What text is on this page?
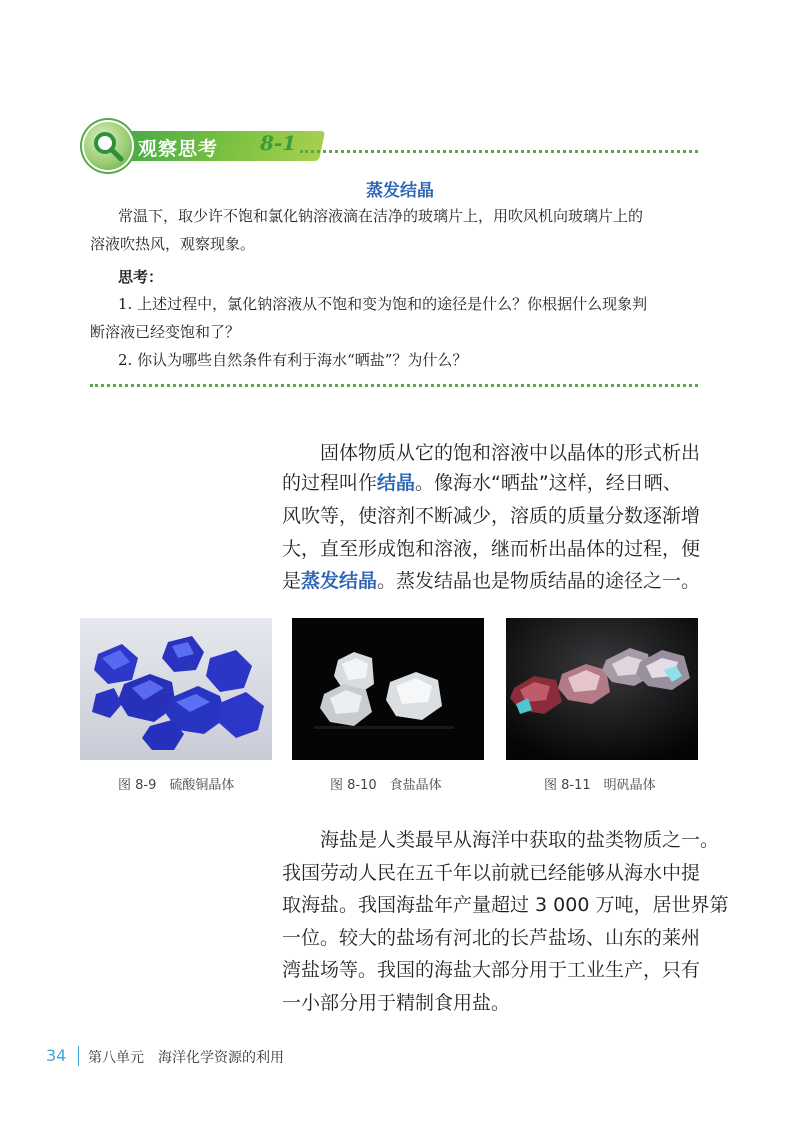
观察思考 8-1
蒸发结晶
常温下，取少许不饱和氯化钠溶液滴在洁净的玻璃片上，用吹风机向玻璃片上的
溶液吹热风，观察现象。
思考：
1. 上述过程中，氯化钠溶液从不饱和变为饱和的途径是什么？你根据什么现象判
断溶液已经变饱和了？
2. 你认为哪些自然条件有利于海水“晒盐”？为什么？
固体物质从它的饱和溶液中以晶体的形式析出
的过程叫作结晶。像海水“晒盐”这样，经日晒、
风吹等，使溶剂不断减少，溶质的质量分数逐渐增
大，直至形成饱和溶液，继而析出晶体的过程，便
是蒸发结晶。蒸发结晶也是物质结晶的途径之一。
图 8-9　硫酸铜晶体	图 8-10　食盐晶体	图 8-11　明矾晶体
海盐是人类最早从海洋中获取的盐类物质之一。
我国劳动人民在五千年以前就已经能够从海水中提
取海盐。我国海盐年产量超过 3 000 万吨，居世界第
一位。较大的盐场有河北的长芦盐场、山东的莱州
湾盐场等。我国的海盐大部分用于工业生产，只有
一小部分用于精制食用盐。
34 第八单元　海洋化学资源的利用
